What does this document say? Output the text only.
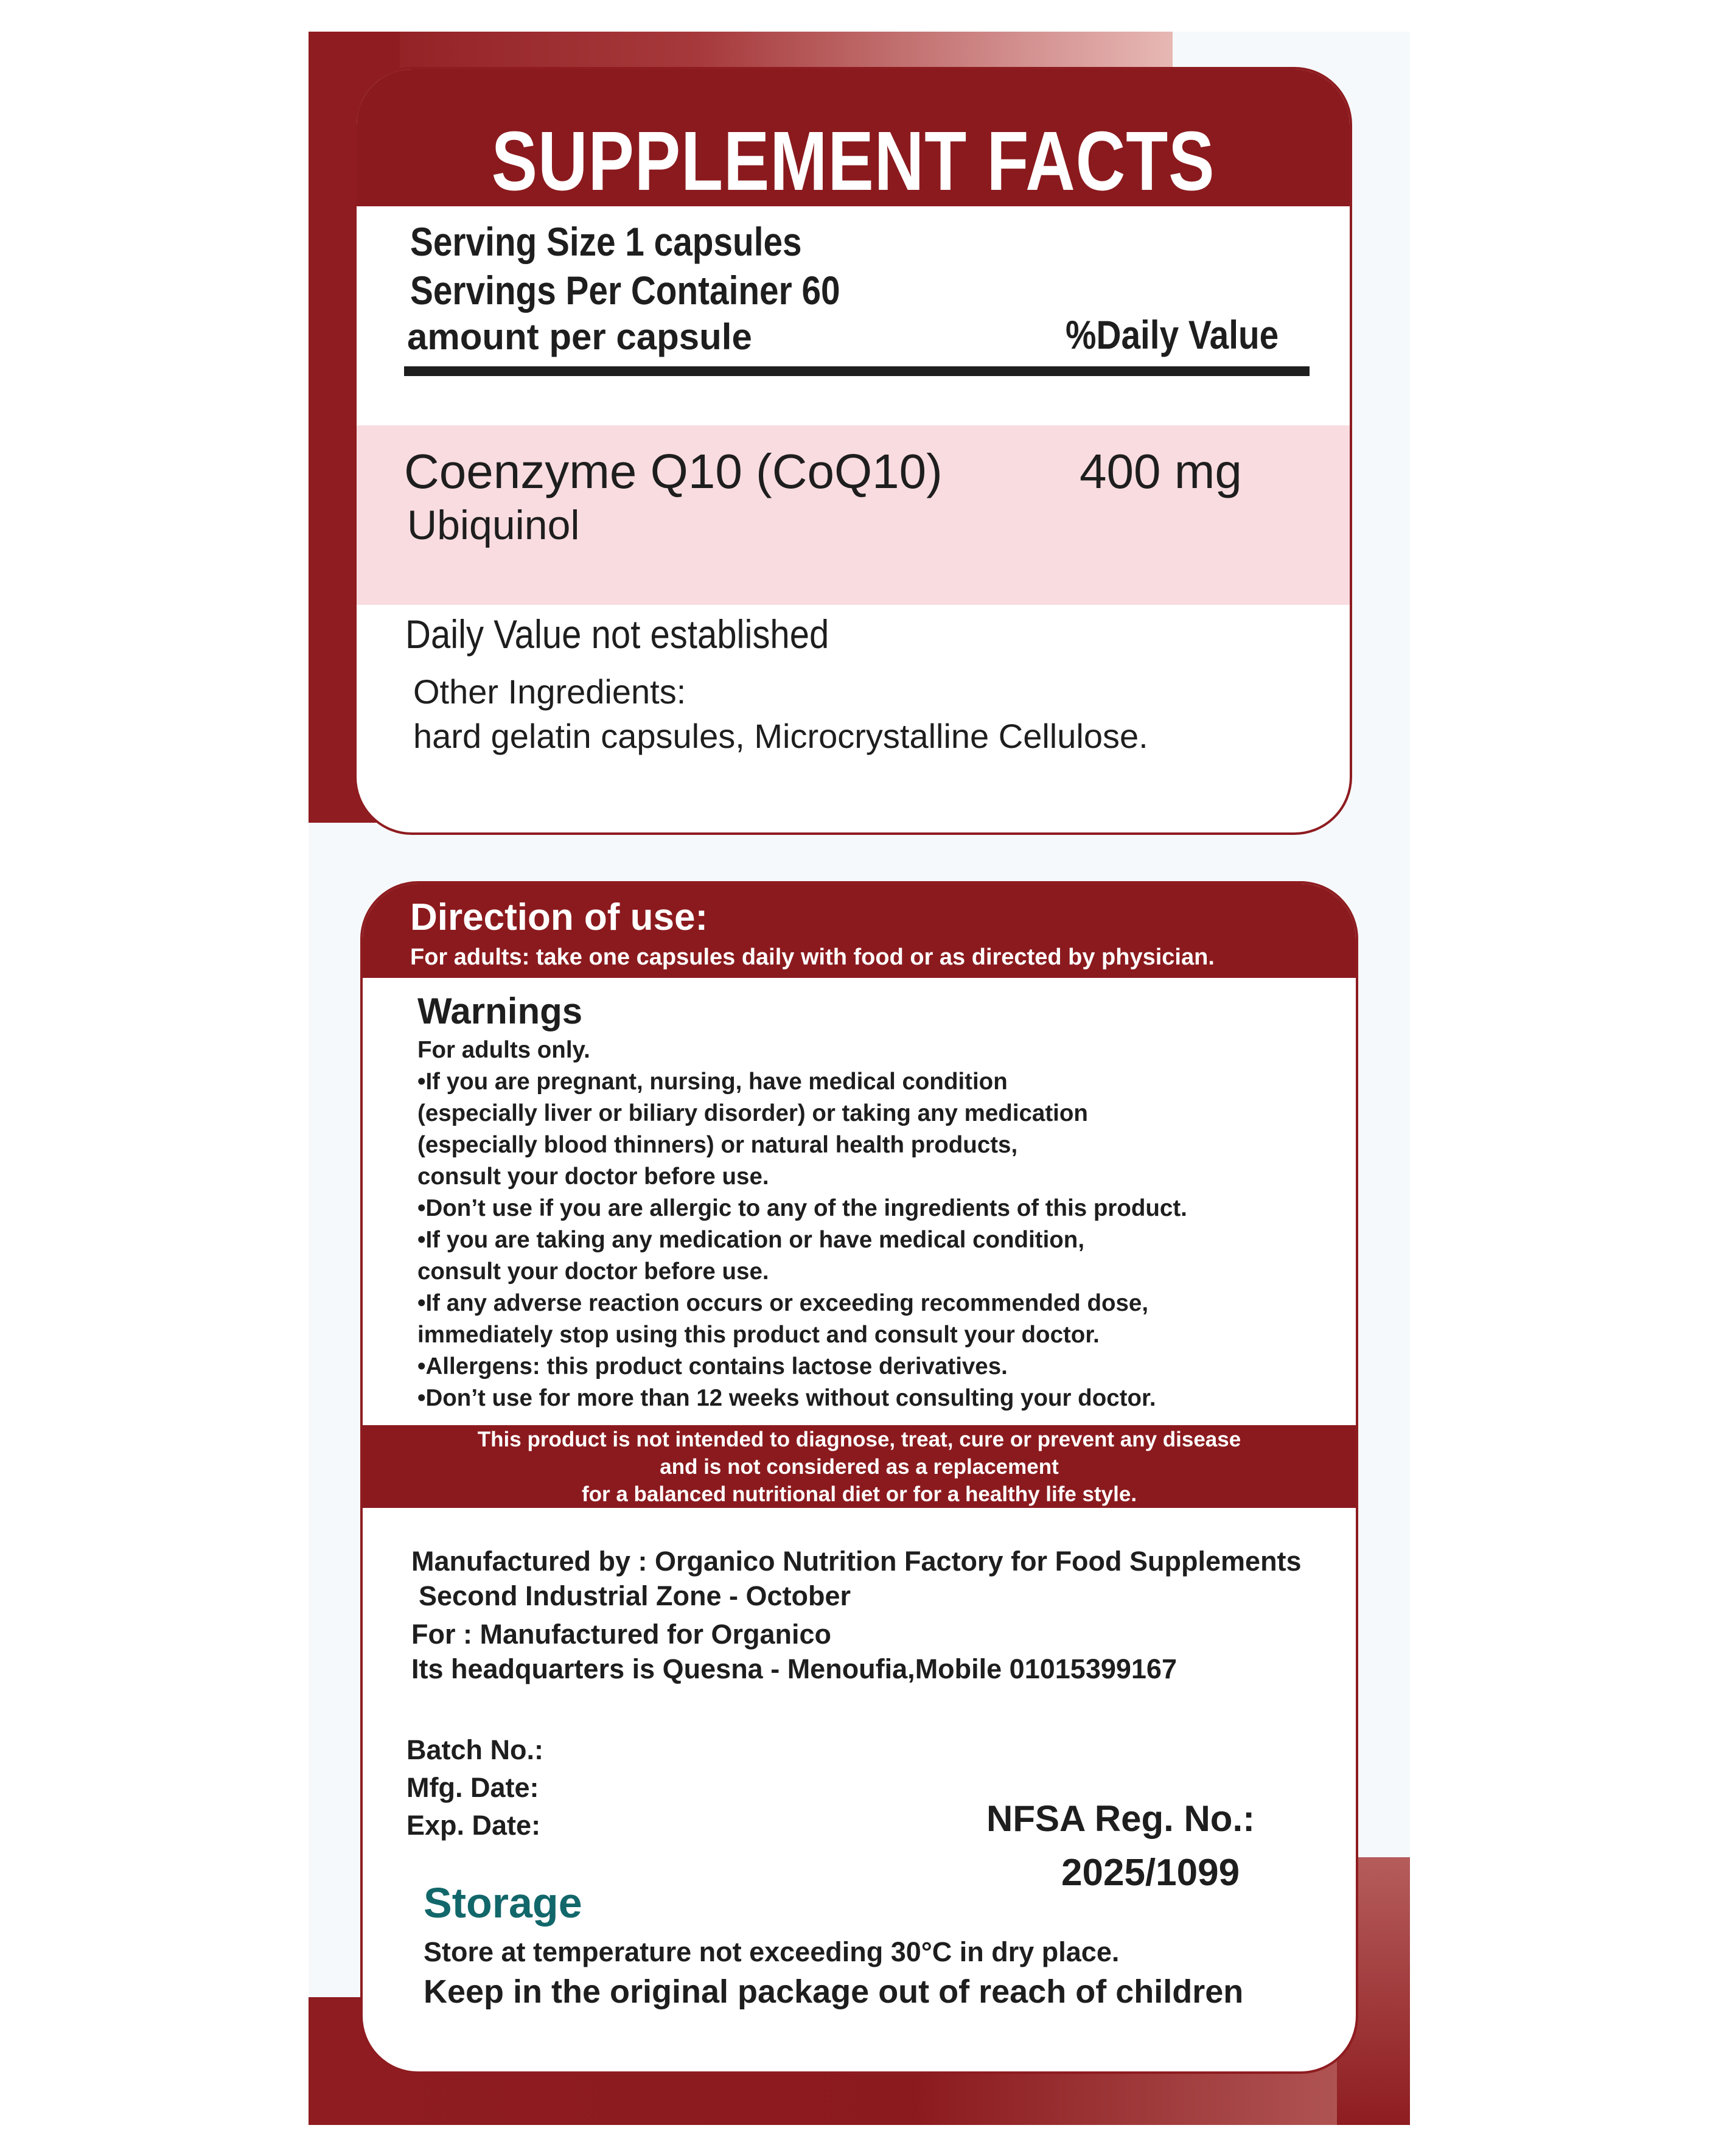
SUPPLEMENT FACTS
Serving Size 1 capsules
Servings Per Container 60
amount per capsule	%Daily Value
Coenzyme Q10 (CoQ10)
Ubiquinol
400 mg
Daily Value not established
Other Ingredients:
hard gelatin capsules, Microcrystalline Cellulose.
Direction of use:
For adults: take one capsules daily with food or as directed by physician.
Warnings
For adults only.
•If you are pregnant, nursing, have medical condition
(especially liver or biliary disorder) or taking any medication
(especially blood thinners) or natural health products,
consult your doctor before use.
•Don’t use if you are allergic to any of the ingredients of this product.
•If you are taking any medication or have medical condition,
consult your doctor before use.
•If any adverse reaction occurs or exceeding recommended dose,
immediately stop using this product and consult your doctor.
•Allergens: this product contains lactose derivatives.
•Don’t use for more than 12 weeks without consulting your doctor.
This product is not intended to diagnose, treat, cure or prevent any disease
and is not considered as a replacement
for a balanced nutritional diet or for a healthy life style.
Manufactured by : Organico Nutrition Factory for Food Supplements
Second Industrial Zone - October
For : Manufactured for Organico
Its headquarters is Quesna - Menoufia,Mobile 01015399167
Batch No.:
Mfg. Date:
Exp. Date:	NFSA Reg. No.:
2025/1099
Storage
Store at temperature not exceeding 30°C in dry place.
Keep in the original package out of reach of children
